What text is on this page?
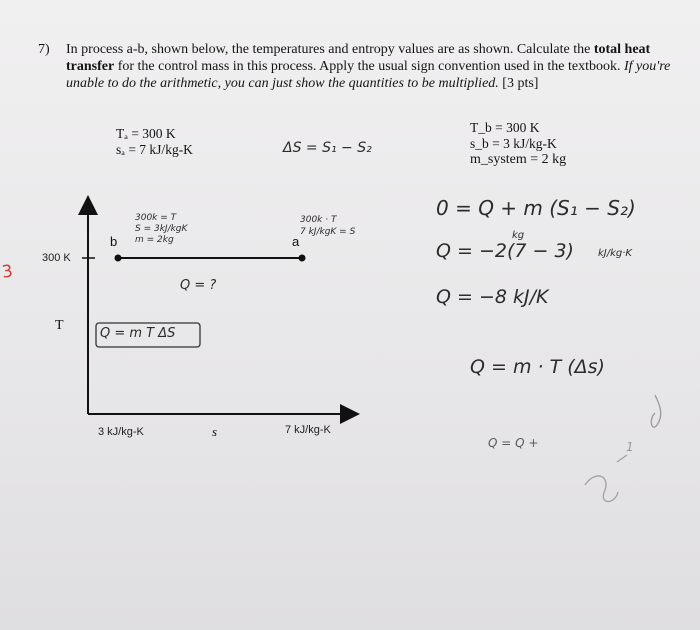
3
7) In process a-b, shown below, the temperatures and entropy values are as shown. Calculate the total heat transfer for the control mass in this process. Apply the usual sign convention used in the textbook. If you're unable to do the arithmetic, you can just show the quantities to be multiplied. [3 pts]
Tₐ = 300 K
sₐ = 7 kJ/kg-K
T_b = 300 K
s_b = 3 kJ/kg-K
m_system = 2 kg
T
300 K
3 kJ/kg-K	s	7 kJ/kg-K
b	a
ΔS = S₁ − S₂
300k = T
S = 3kJ/kgK
m = 2kg
300k · T
7 kJ/kgK = S
Q = ?
Q = m T ΔS
0 = Q + m (S₁ − S₂)
kg
Q = −2(7 − 3) kJ/kg·K
Q = −8 kJ/K
Q = m · T (Δs)
Q = Q +	1
